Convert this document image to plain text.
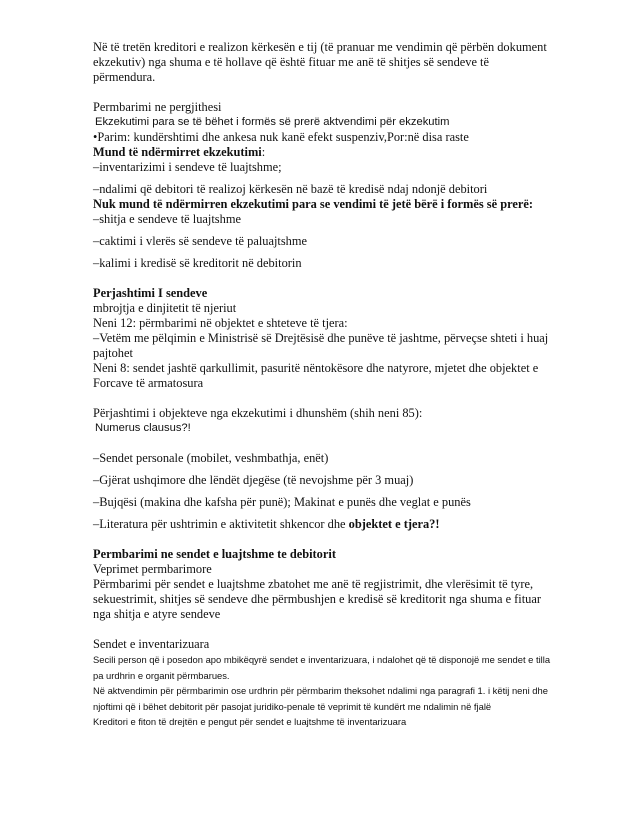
Në të tretën kreditori e realizon kërkesën e tij (të pranuar me vendimin që përbën dokument ekzekutiv) nga shuma e të hollave që është fituar me anë të shitjes së sendeve të përmendura.

Permbarimi ne pergjithesi

Ekzekutimi para se të bëhet i formës së prerë aktvendimi për ekzekutim

•Parim: kundërshtimi dhe ankesa nuk kanë efekt suspenziv,Por:në disa raste

Mund të ndërmirret ekzekutimi:

–inventarizimi i sendeve të luajtshme;

–ndalimi që debitori të realizoj kërkesën në bazë të kredisë ndaj ndonjë debitori

Nuk mund të ndërmirren ekzekutimi para se vendimi të jetë bërë i formës së prerë:

–shitja e sendeve të luajtshme

–caktimi i vlerës së sendeve të paluajtshme

–kalimi i kredisë së kreditorit në debitorin

Perjashtimi I sendeve

mbrojtja e dinjitetit të njeriut

Neni 12: përmbarimi në objektet e shteteve të tjera:

–Vetëm me pëlqimin e Ministrisë së Drejtësisë dhe punëve të jashtme, përveçse shteti i huaj pajtohet

Neni 8: sendet jashtë qarkullimit, pasuritë nëntokësore dhe natyrore, mjetet dhe objektet e Forcave të armatosura

Përjashtimi i objekteve nga ekzekutimi i dhunshëm (shih neni 85):

Numerus clausus?!

–Sendet personale (mobilet, veshmbathja, enët)

–Gjërat ushqimore dhe lëndët djegëse (të nevojshme për 3 muaj)

–Bujqësi (makina dhe kafsha për punë); Makinat e punës dhe veglat e punës

–Literatura për ushtrimin e aktivitetit shkencor dhe objektet e tjera?!

Permbarimi ne sendet e luajtshme te debitorit

Veprimet permbarimore

Përmbarimi për sendet e luajtshme zbatohet me anë të regjistrimit, dhe vlerësimit të tyre, sekuestrimit, shitjes së sendeve dhe përmbushjen e kredisë së kreditorit nga shuma e fituar nga shitja e atyre sendeve

Sendet e inventarizuara

Secili person që i posedon apo mbikëqyrë sendet e inventarizuara, i ndalohet që të disponojë me sendet e tilla pa urdhrin e organit përmbarues.

Në aktvendimin për përmbarimin ose urdhrin për përmbarim theksohet ndalimi nga paragrafi 1. i këtij neni dhe njoftimi që i bëhet debitorit për pasojat juridiko-penale të veprimit të kundërt me ndalimin në fjalë

Kreditori e fiton të drejtën e pengut për sendet e luajtshme të inventarizuara
